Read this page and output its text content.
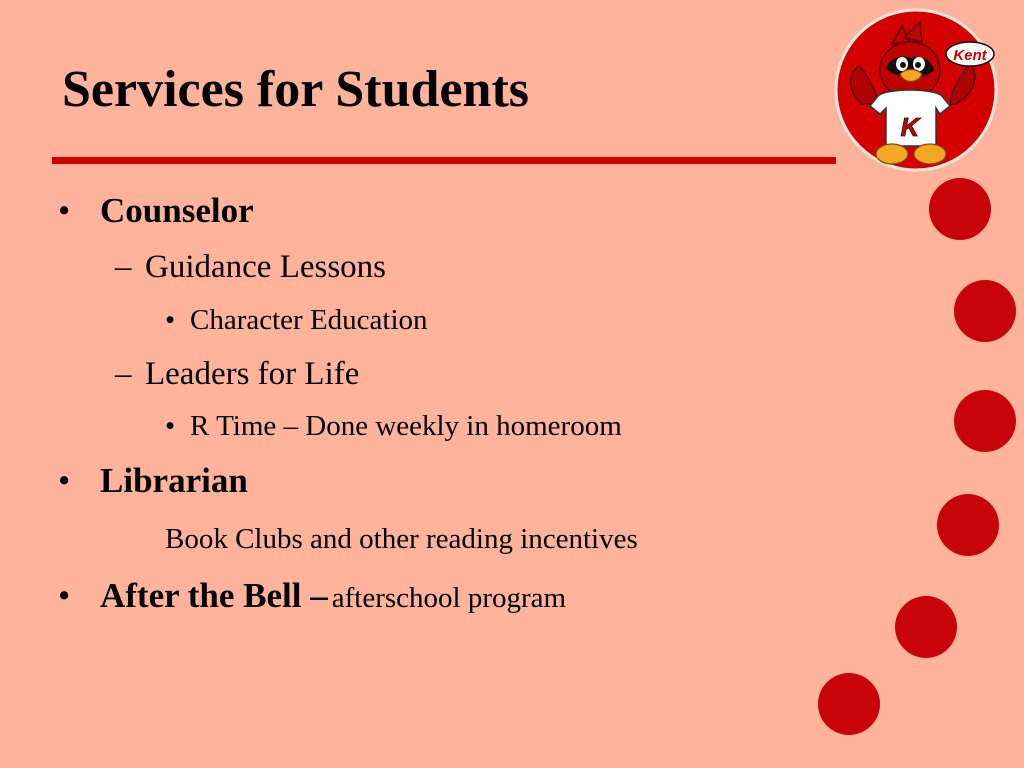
Services for Students
• Counselor
– Guidance Lessons
• Character Education
– Leaders for Life
• R Time – Done weekly in homeroom
• Librarian
Book Clubs and other reading incentives
• After the Bell – afterschool program
K
Kent
